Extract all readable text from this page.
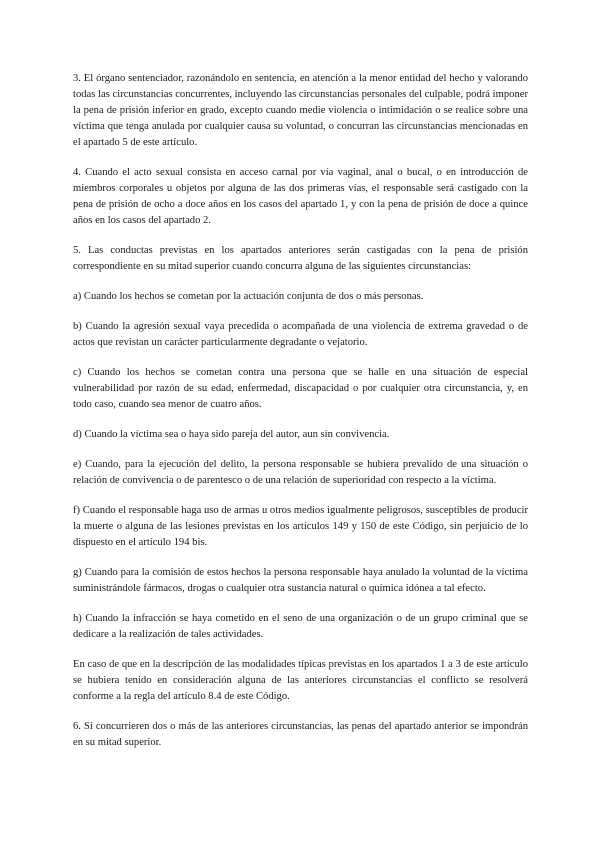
3. El órgano sentenciador, razonándolo en sentencia, en atención a la menor entidad del hecho y valorando todas las circunstancias concurrentes, incluyendo las circunstancias personales del culpable, podrá imponer la pena de prisión inferior en grado, excepto cuando medie violencia o intimidación o se realice sobre una víctima que tenga anulada por cualquier causa su voluntad, o concurran las circunstancias mencionadas en el apartado 5 de este artículo.

4. Cuando el acto sexual consista en acceso carnal por vía vaginal, anal o bucal, o en introducción de miembros corporales u objetos por alguna de las dos primeras vías, el responsable será castigado con la pena de prisión de ocho a doce años en los casos del apartado 1, y con la pena de prisión de doce a quince años en los casos del apartado 2.

5. Las conductas previstas en los apartados anteriores serán castigadas con la pena de prisión correspondiente en su mitad superior cuando concurra alguna de las siguientes circunstancias:

a) Cuando los hechos se cometan por la actuación conjunta de dos o más personas.

b) Cuando la agresión sexual vaya precedida o acompañada de una violencia de extrema gravedad o de actos que revistan un carácter particularmente degradante o vejatorio.

c) Cuando los hechos se cometan contra una persona que se halle en una situación de especial vulnerabilidad por razón de su edad, enfermedad, discapacidad o por cualquier otra circunstancia, y, en todo caso, cuando sea menor de cuatro años.

d) Cuando la víctima sea o haya sido pareja del autor, aun sin convivencia.

e) Cuando, para la ejecución del delito, la persona responsable se hubiera prevalido de una situación o relación de convivencia o de parentesco o de una relación de superioridad con respecto a la víctima.

f) Cuando el responsable haga uso de armas u otros medios igualmente peligrosos, susceptibles de producir la muerte o alguna de las lesiones previstas en los artículos 149 y 150 de este Código, sin perjuicio de lo dispuesto en el artículo 194 bis.

g) Cuando para la comisión de estos hechos la persona responsable haya anulado la voluntad de la víctima suministrándole fármacos, drogas o cualquier otra sustancia natural o química idónea a tal efecto.

h) Cuando la infracción se haya cometido en el seno de una organización o de un grupo criminal que se dedicare a la realización de tales actividades.

En caso de que en la descripción de las modalidades típicas previstas en los apartados 1 a 3 de este artículo se hubiera tenido en consideración alguna de las anteriores circunstancias el conflicto se resolverá conforme a la regla del artículo 8.4 de este Código.

6. Si concurrieren dos o más de las anteriores circunstancias, las penas del apartado anterior se impondrán en su mitad superior.
